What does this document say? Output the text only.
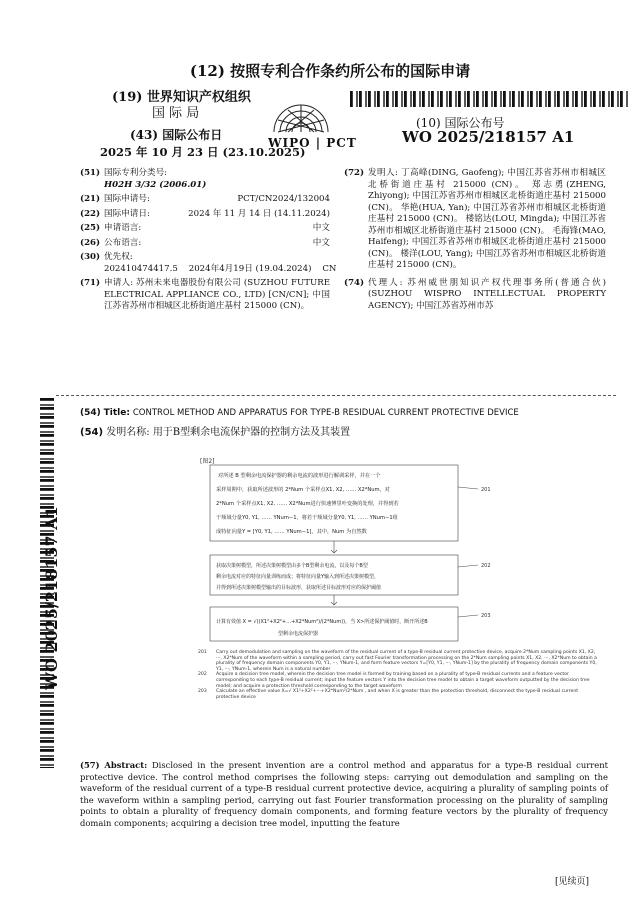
(12) 按照专利合作条约所公布的国际申请
(19) 世界知识产权组织
国 际 局
(43) 国际公布日
2025 年 10 月 23 日 (23.10.2025)
WIPO | PCT
(10) 国际公布号
WO 2025/218157 A1
(51) 国际专利分类号:
H02H 3/32 (2006.01)
(21) 国际申请号:	PCT/CN2024/132004
(22) 国际申请日:	2024 年 11 月 14 日 (14.11.2024)
(25) 申请语言:	中文
(26) 公布语言:	中文
(30) 优先权:
202410474417.5    2024年4月19日 (19.04.2024)    CN
(71) 申请人: 苏州未来电器股份有限公司 (SUZHOU FUTURE ELECTRICAL APPLIANCE CO., LTD) [CN/CN]; 中国江苏省苏州市相城区北桥街道庄基村 215000 (CN)。
(72) 发明人: 丁高峰(DING, Gaofeng); 中国江苏省苏州市相城区北桥街道庄基村 215000 (CN)。 郑志勇(ZHENG, Zhiyong); 中国江苏省苏州市相城区北桥街道庄基村 215000 (CN)。 华艳(HUA, Yan); 中国江苏省苏州市相城区北桥街道庄基村 215000 (CN)。 楼铭达(LOU, Mingda); 中国江苏省苏州市相城区北桥街道庄基村 215000 (CN)。 毛海锋(MAO, Haifeng); 中国江苏省苏州市相城区北桥街道庄基村 215000 (CN)。 楼洋(LOU, Yang); 中国江苏省苏州市相城区北桥街道庄基村 215000 (CN)。
(74) 代理人: 苏州威世朋知识产权代理事务所(普通合伙) (SUZHOU WISPRO INTELLECTUAL PROPERTY AGENCY); 中国江苏省苏州市苏
WO 2025/218157 A1
(54) Title: CONTROL METHOD AND APPARATUS FOR TYPE-B RESIDUAL CURRENT PROTECTIVE DEVICE
(54) 发明名称: 用于B型剩余电流保护器的控制方法及其装置
[图2]
对所述 B 型剩余电流保护器的剩余电流的波形进行解调采样，并在一个 采样周期中，获取所述波形的 2*Num 个采样点X1, X2, …… X2*Num，对 2*Num 个采样点X1, X2, …… X2*Num进行快速傅里叶变换的处理，并得到若 干频域分量Y0, Y1, …… YNum−1，将若干频域分量Y0, Y1, …… YNum−1组 成特征向量Y = [Y0, Y1, …… YNum−1]，其中，Num 为自然数
201
获取决策树模型，所述决策树模型由多个B型剩余电流，以及每个B型 剩余电流对应的特征向量训练而成；将特征向量Y输入到所述决策树模型， 并得到所述决策树模型输出的目标波形，获取所述目标波形对应的保护阈值
202
计算有效值 X = √((X1²+X2²+…+X2*Num²)/(2*Num))，当 X>所述保护阈值时，断开所述B 型剩余电流保护器
203
201	Carry out demodulation and sampling on the waveform of the residual current of a type-B residual current protective device, acquire 2*Num sampling points X1, X2, ···, X2*Num of the waveform within a sampling period, carry out fast Fourier transformation processing on the 2*Num sampling points X1, X2, ···, X2*Num to obtain a plurality of frequency domain components Y0, Y1, ···, YNum-1, and form feature vectors Y=[Y0, Y1, ···, YNum-1] by the plurality of frequency domain components Y0, Y1, ···, YNum-1, wherein Num is a natural number
202	Acquire a decision tree model, wherein the decision tree model is formed by training based on a plurality of type-B residual currents and a feature vector corresponding to each type-B residual current; input the feature vectors Y into the decision tree model to obtain a target waveform outputted by the decision tree model; and acquire a protection threshold corresponding to the target waveform
203	Calculate an effective value X=√ X1²+X2²+···+X2*Num²/2*Num , and when X is greater than the protection threshold, disconnect the type-B residual current protective device
(57) Abstract: Disclosed in the present invention are a control method and apparatus for a type-B residual current protective device. The control method comprises the following steps: carrying out demodulation and sampling on the waveform of the residual current of a type-B residual current protective device, acquiring a plurality of sampling points of the waveform within a sampling period, carrying out fast Fourier transformation processing on the plurality of sampling points to obtain a plurality of frequency domain components, and forming feature vectors by the plurality of frequency domain components; acquiring a decision tree model, inputting the feature
[见续页]
